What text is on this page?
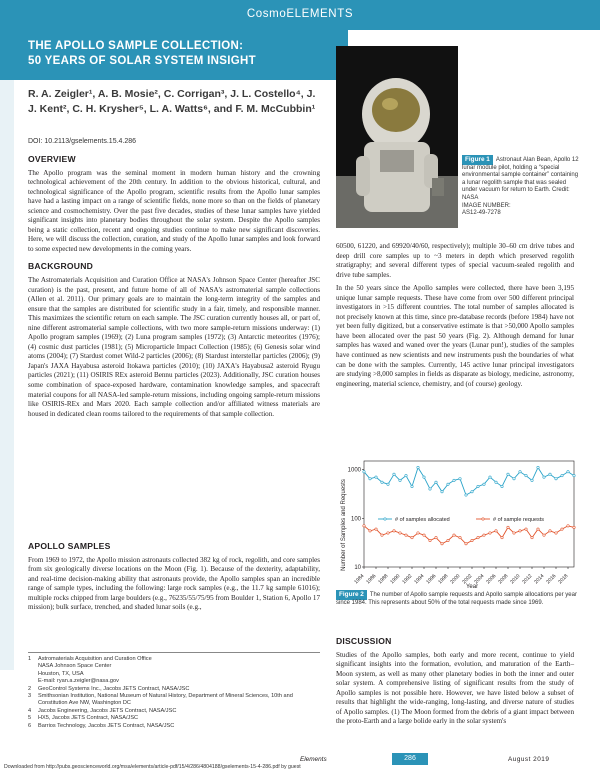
CosmoELEMENTS
THE APOLLO SAMPLE COLLECTION:
50 YEARS OF SOLAR SYSTEM INSIGHT
R. A. Zeigler¹, A. B. Mosie², C. Corrigan³, J. L. Costello⁴, J. J. Kent², C. H. Krysher⁵, L. A. Watts⁶, and F. M. McCubbin¹
DOI: 10.2113/gselements.15.4.286
OVERVIEW

The Apollo program was the seminal moment in modern human history and the crowning technological achievement of the 20th century. In addition to the obvious historical, cultural, and technological significance of the Apollo program, scientific results from the Apollo lunar samples have had a lasting impact on a range of scientific fields, none more so than on the fields of planetary science and cosmochemistry. Over the past five decades, studies of these lunar samples have yielded significant insights into planetary bodies throughout the solar system. Despite the Apollo samples being a static collection, recent and ongoing studies continue to make new significant discoveries. Here, we will discuss the collection, curation, and study of the Apollo lunar samples and look forward to some expected new developments in the coming years.

BACKGROUND

The Astromaterials Acquisition and Curation Office at NASA's Johnson Space Center (hereafter JSC curation) is the past, present, and future home of all of NASA's astromaterial sample collections (Allen et al. 2011). Our primary goals are to maintain the long-term integrity of the samples and ensure that the samples are distributed for scientific study in a fair, timely, and responsible manner. This maximizes the scientific return on each sample. The JSC curation currently houses all, or part of, nine different astromaterial sample collections, with two more sample-return missions underway: (1) Apollo program samples (1969); (2) Luna program samples (1972); (3) Antarctic meteorites (1976); (4) cosmic dust particles (1981); (5) Microparticle Impact Collection (1985); (6) Genesis solar wind atoms (2004); (7) Stardust comet Wild-2 particles (2006); (8) Stardust interstellar particles (2006); (9) Japan's JAXA Hayabusa asteroid Itokawa particles (2010); (10) JAXA's Hayabusa2 asteroid Ryugu particles (2021); (11) OSIRIS REx asteroid Bennu particles (2023). Additionally, JSC curation houses some combination of space-exposed hardware, contamination knowledge samples, and spacecraft material coupons for all NASA-led sample-return missions, including ongoing sample-return missions like OSIRIS-REx and Mars 2020. Each sample collection and/or affiliated witness materials are housed in dedicated clean rooms tailored to the requirements of that sample collection.

APOLLO SAMPLES

From 1969 to 1972, the Apollo mission astronauts collected 382 kg of rock, regolith, and core samples from six geologically diverse locations on the Moon (Fig. 1). Because of the dexterity, adaptability, and real-time decision-making ability that astronauts provide, the Apollo samples span an incredible range of sample types, including the following: large rock samples (e.g., the 11.7 kg sample 61016); multiple rocks chipped from large boulders (e.g., 76235/55/75/95 from Boulder 1, Station 6, Apollo 17 mission); bulk surface, trenched, and shaded lunar soils (e.g.,

Figure 1 Astronaut Alan Bean, Apollo 12 lunar module pilot, holding a “special environmental sample container” containing a lunar regolith sample that was sealed under vacuum for return to Earth. Credit: NASA
IMAGE NUMBER:
AS12-49-7278

60500, 61220, and 69920/40/60, respectively); multiple 30–60 cm drive tubes and deep drill core samples up to ~3 meters in depth which preserved regolith stratigraphy; and several different types of special vacuum-sealed regolith and drive tube samples.

In the 50 years since the Apollo samples were collected, there have been 3,195 unique lunar sample requests. These have come from over 500 different principal investigators in >15 different countries. The total number of samples allocated is not precisely known at this time, since pre-database records (before 1984) have not yet been fully digitized, but a conservative estimate is that >50,000 Apollo samples have been allocated over the past 50 years (Fig. 2). Although demand for lunar samples has waxed and waned over the years (Lunar pun!), studies of the samples have continued as new scientists and new instruments push the boundaries of what can be done with the samples. Currently, 145 active lunar principal investigators are studying >8,000 samples in fields as disparate as biology, medicine, astronomy, engineering, material science, chemistry, and (of course) geology.

Number of Samples and Requests
Year
10
100
1000
1984 1986 1988 1990 1992 1994 1996 1998 2000 2002 2004 2006 2008 2010 2012 2014 2016 2018
# of samples allocated	# of sample requests
Figure 2 The number of Apollo sample requests and Apollo sample allocations per year since 1984. This represents about 50% of the total requests made since 1969.
DISCUSSION

Studies of the Apollo samples, both early and more recent, continue to yield significant insights into the formation, evolution, and maturation of the Earth–Moon system, as well as many other planetary bodies in both the inner and outer solar system. A comprehensive listing of significant results from the study of Apollo samples is not possible here. However, we have listed below a subset of results that highlight the wide-ranging, long-lasting, and diverse nature of studies of Apollo samples. (1) The Moon formed from the debris of a giant impact between the proto-Earth and a large bolide early in the solar system's

1	Astromaterials Acquisition and Curation Office
NASA Johnson Space Center
Houston, TX, USA
E-mail: ryan.a.zeigler@nasa.gov
2	GeoControl Systems Inc., Jacobs JETS Contract, NASA/JSC
3	Smithsonian Institution, National Museum of Natural History, Department of Mineral Sciences, 10th and Constitution Ave NW, Washington DC
4	Jacobs Engineering, Jacobs JETS Contract, NASA/JSC
5	HX5, Jacobs JETS Contract, NASA/JSC
6	Barrios Technology, Jacobs JETS Contract, NASA/JSC
Elements	286	August 2019
Downloaded from http://pubs.geoscienceworld.org/msa/elements/article-pdf/15/4/286/4804188/gselements-15-4-286.pdf by guest
